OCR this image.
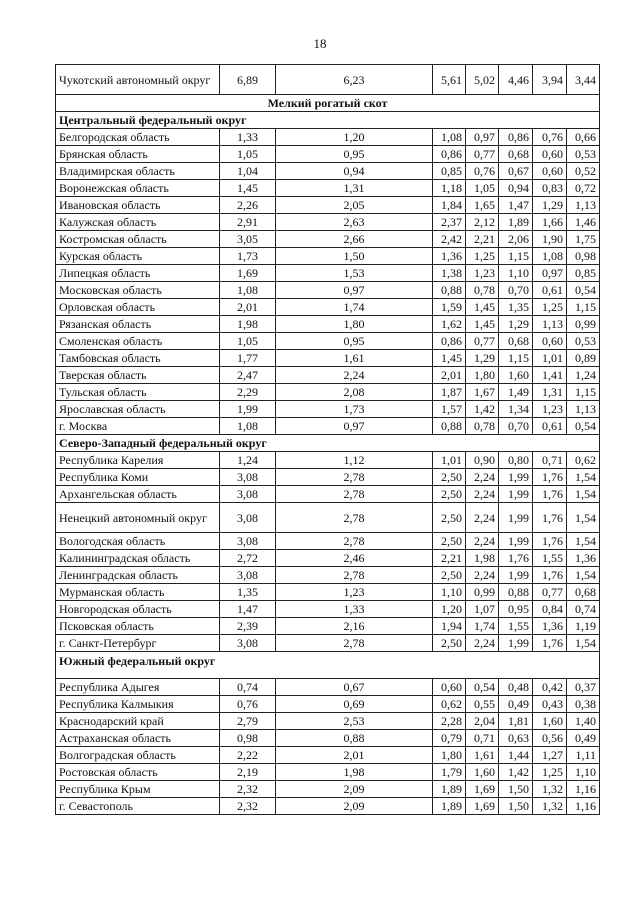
18
Чукотский автономный округ	6,89	6,23	5,61	5,02	4,46	3,94	3,44
Мелкий рогатый скот							
Центральный федеральный округ							
Белгородская область	1,33	1,20	1,08	0,97	0,86	0,76	0,66
Брянская область	1,05	0,95	0,86	0,77	0,68	0,60	0,53
Владимирская область	1,04	0,94	0,85	0,76	0,67	0,60	0,52
Воронежская область	1,45	1,31	1,18	1,05	0,94	0,83	0,72
Ивановская область	2,26	2,05	1,84	1,65	1,47	1,29	1,13
Калужская область	2,91	2,63	2,37	2,12	1,89	1,66	1,46
Костромская область	3,05	2,66	2,42	2,21	2,06	1,90	1,75
Курская область	1,73	1,50	1,36	1,25	1,15	1,08	0,98
Липецкая область	1,69	1,53	1,38	1,23	1,10	0,97	0,85
Московская область	1,08	0,97	0,88	0,78	0,70	0,61	0,54
Орловская область	2,01	1,74	1,59	1,45	1,35	1,25	1,15
Рязанская область	1,98	1,80	1,62	1,45	1,29	1,13	0,99
Смоленская область	1,05	0,95	0,86	0,77	0,68	0,60	0,53
Тамбовская область	1,77	1,61	1,45	1,29	1,15	1,01	0,89
Тверская область	2,47	2,24	2,01	1,80	1,60	1,41	1,24
Тульская область	2,29	2,08	1,87	1,67	1,49	1,31	1,15
Ярославская область	1,99	1,73	1,57	1,42	1,34	1,23	1,13
г. Москва	1,08	0,97	0,88	0,78	0,70	0,61	0,54
Северо-Западный федеральный округ							
Республика Карелия	1,24	1,12	1,01	0,90	0,80	0,71	0,62
Республика Коми	3,08	2,78	2,50	2,24	1,99	1,76	1,54
Архангельская область	3,08	2,78	2,50	2,24	1,99	1,76	1,54
Ненецкий автономный округ	3,08	2,78	2,50	2,24	1,99	1,76	1,54
Вологодская область	3,08	2,78	2,50	2,24	1,99	1,76	1,54
Калининградская область	2,72	2,46	2,21	1,98	1,76	1,55	1,36
Ленинградская область	3,08	2,78	2,50	2,24	1,99	1,76	1,54
Мурманская область	1,35	1,23	1,10	0,99	0,88	0,77	0,68
Новгородская область	1,47	1,33	1,20	1,07	0,95	0,84	0,74
Псковская область	2,39	2,16	1,94	1,74	1,55	1,36	1,19
г. Санкт-Петербург	3,08	2,78	2,50	2,24	1,99	1,76	1,54
Южный федеральный округ							
Республика Адыгея	0,74	0,67	0,60	0,54	0,48	0,42	0,37
Республика Калмыкия	0,76	0,69	0,62	0,55	0,49	0,43	0,38
Краснодарский край	2,79	2,53	2,28	2,04	1,81	1,60	1,40
Астраханская область	0,98	0,88	0,79	0,71	0,63	0,56	0,49
Волгоградская область	2,22	2,01	1,80	1,61	1,44	1,27	1,11
Ростовская область	2,19	1,98	1,79	1,60	1,42	1,25	1,10
Республика Крым	2,32	2,09	1,89	1,69	1,50	1,32	1,16
г. Севастополь	2,32	2,09	1,89	1,69	1,50	1,32	1,16
